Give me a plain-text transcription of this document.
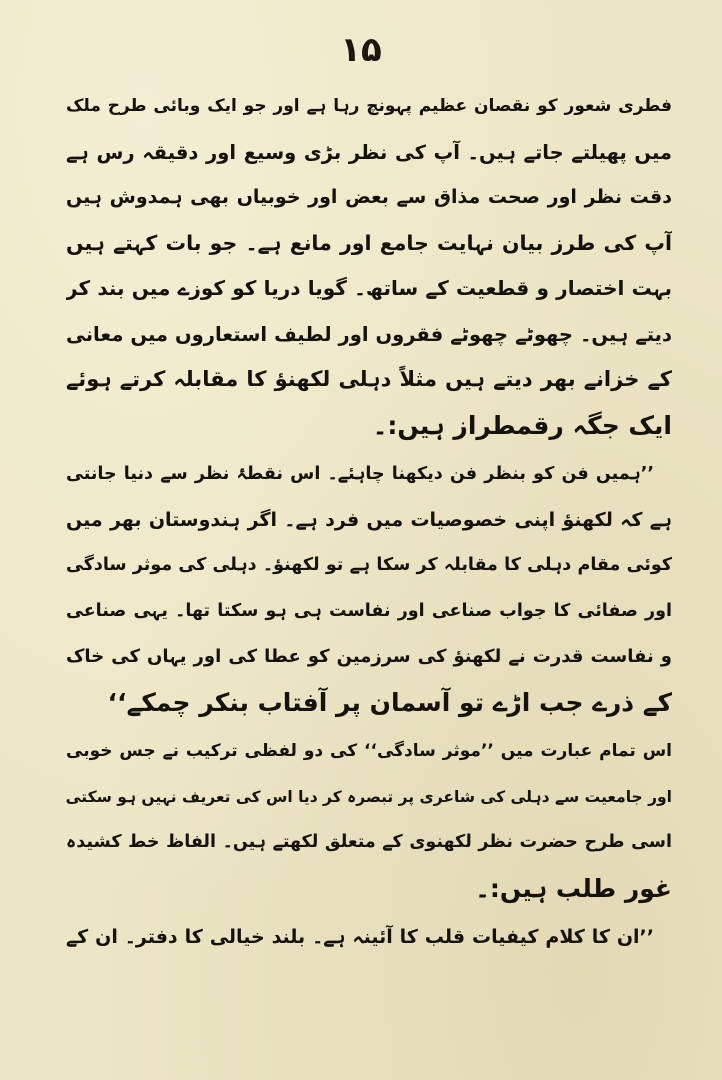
۱۵
فطری شعور کو نقصان عظیم پہونچ رہا ہے اور جو ایک وبائی طرح ملک
میں پھیلتے جاتے ہیں۔ آپ کی نظر بڑی وسیع اور دقیقہ رس ہے
دقت نظر اور صحت مذاق سے بعض اور خوبیاں بھی ہمدوش ہیں
آپ کی طرز بیان نہایت جامع اور مانع ہے۔ جو بات کہتے ہیں
بہت اختصار و قطعیت کے ساتھ۔ گویا دریا کو کوزے میں بند کر
دیتے ہیں۔ چھوٹے چھوٹے فقروں اور لطیف استعاروں میں معانی
کے خزانے بھر دیتے ہیں مثلاً دہلی لکھنؤ کا مقابلہ کرتے ہوئے
ایک جگہ رقمطراز ہیں:۔
’’ہمیں فن کو بنظر فن دیکھنا چاہئے۔ اس نقطۂ نظر سے دنیا جانتی
ہے کہ لکھنؤ اپنی خصوصیات میں فرد ہے۔ اگر ہندوستان بھر میں
کوئی مقام دہلی کا مقابلہ کر سکا ہے تو لکھنؤ۔ دہلی کی موثر سادگی
اور صفائی کا جواب صناعی اور نفاست ہی ہو سکتا تھا۔ یہی صناعی
و نفاست قدرت نے لکھنؤ کی سرزمین کو عطا کی اور یہاں کی خاک
کے ذرے جب اڑے تو آسمان پر آفتاب بنکر چمکے‘‘
اس تمام عبارت میں ’’موثر سادگی‘‘ کی دو لفظی ترکیب نے جس خوبی
اور جامعیت سے دہلی کی شاعری پر تبصرہ کر دیا اس کی تعریف نہیں ہو سکتی
اسی طرح حضرت نظر لکھنوی کے متعلق لکھتے ہیں۔ الفاظ خط کشیدہ
غور طلب ہیں:۔
’’ان کا کلام کیفیات قلب کا آئینہ ہے۔ بلند خیالی کا دفتر۔ ان کے
